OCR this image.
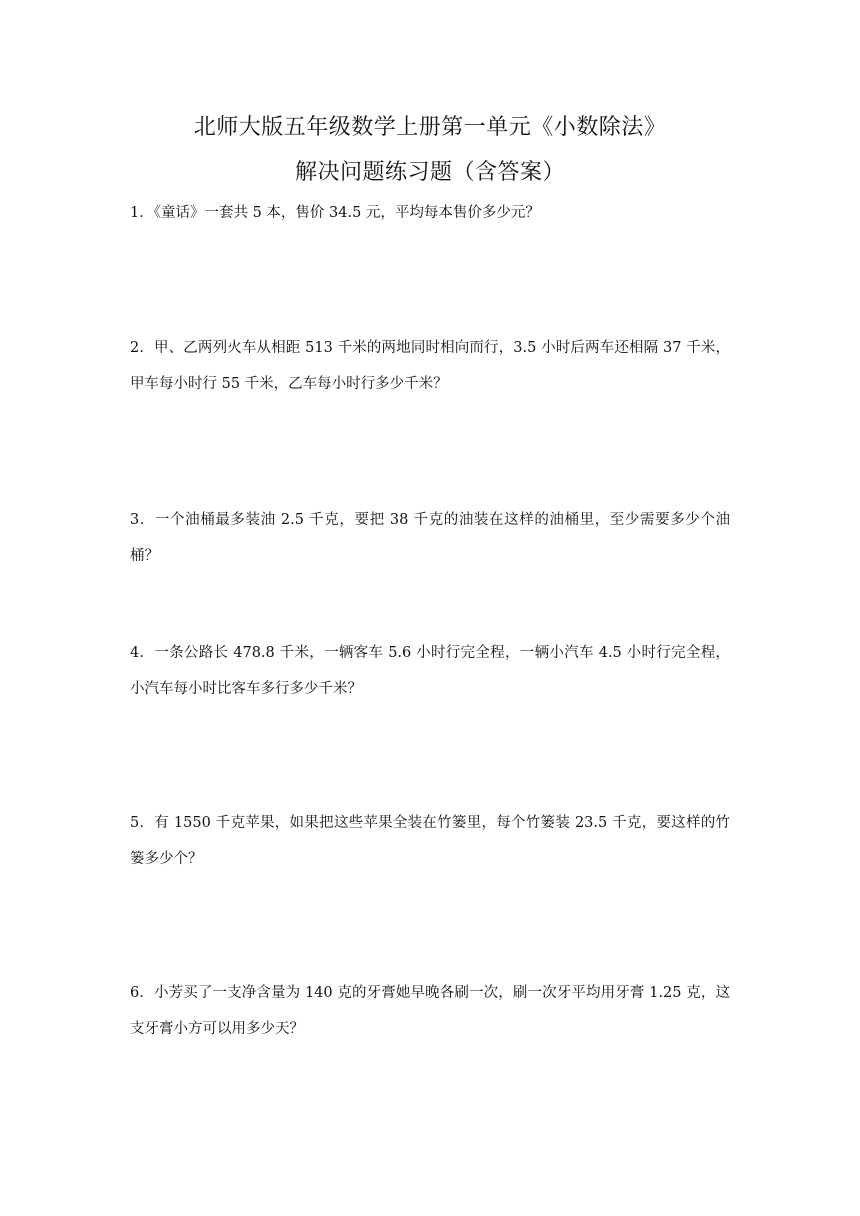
北师大版五年级数学上册第一单元《小数除法》
解决问题练习题（含答案）
1．《童话》一套共 5 本，售价 34.5 元，平均每本售价多少元？
2．甲、乙两列火车从相距 513 千米的两地同时相向而行，3.5 小时后两车还相隔 37 千米，甲车每小时行 55 千米，乙车每小时行多少千米？
3．一个油桶最多装油 2.5 千克，要把 38 千克的油装在这样的油桶里，至少需要多少个油桶？
4．一条公路长 478.8 千米，一辆客车 5.6 小时行完全程，一辆小汽车 4.5 小时行完全程，小汽车每小时比客车多行多少千米？
5．有 1550 千克苹果，如果把这些苹果全装在竹篓里，每个竹篓装 23.5 千克，要这样的竹篓多少个？
6．小芳买了一支净含量为 140 克的牙膏她早晚各刷一次，刷一次牙平均用牙膏 1.25 克，这支牙膏小方可以用多少天？
